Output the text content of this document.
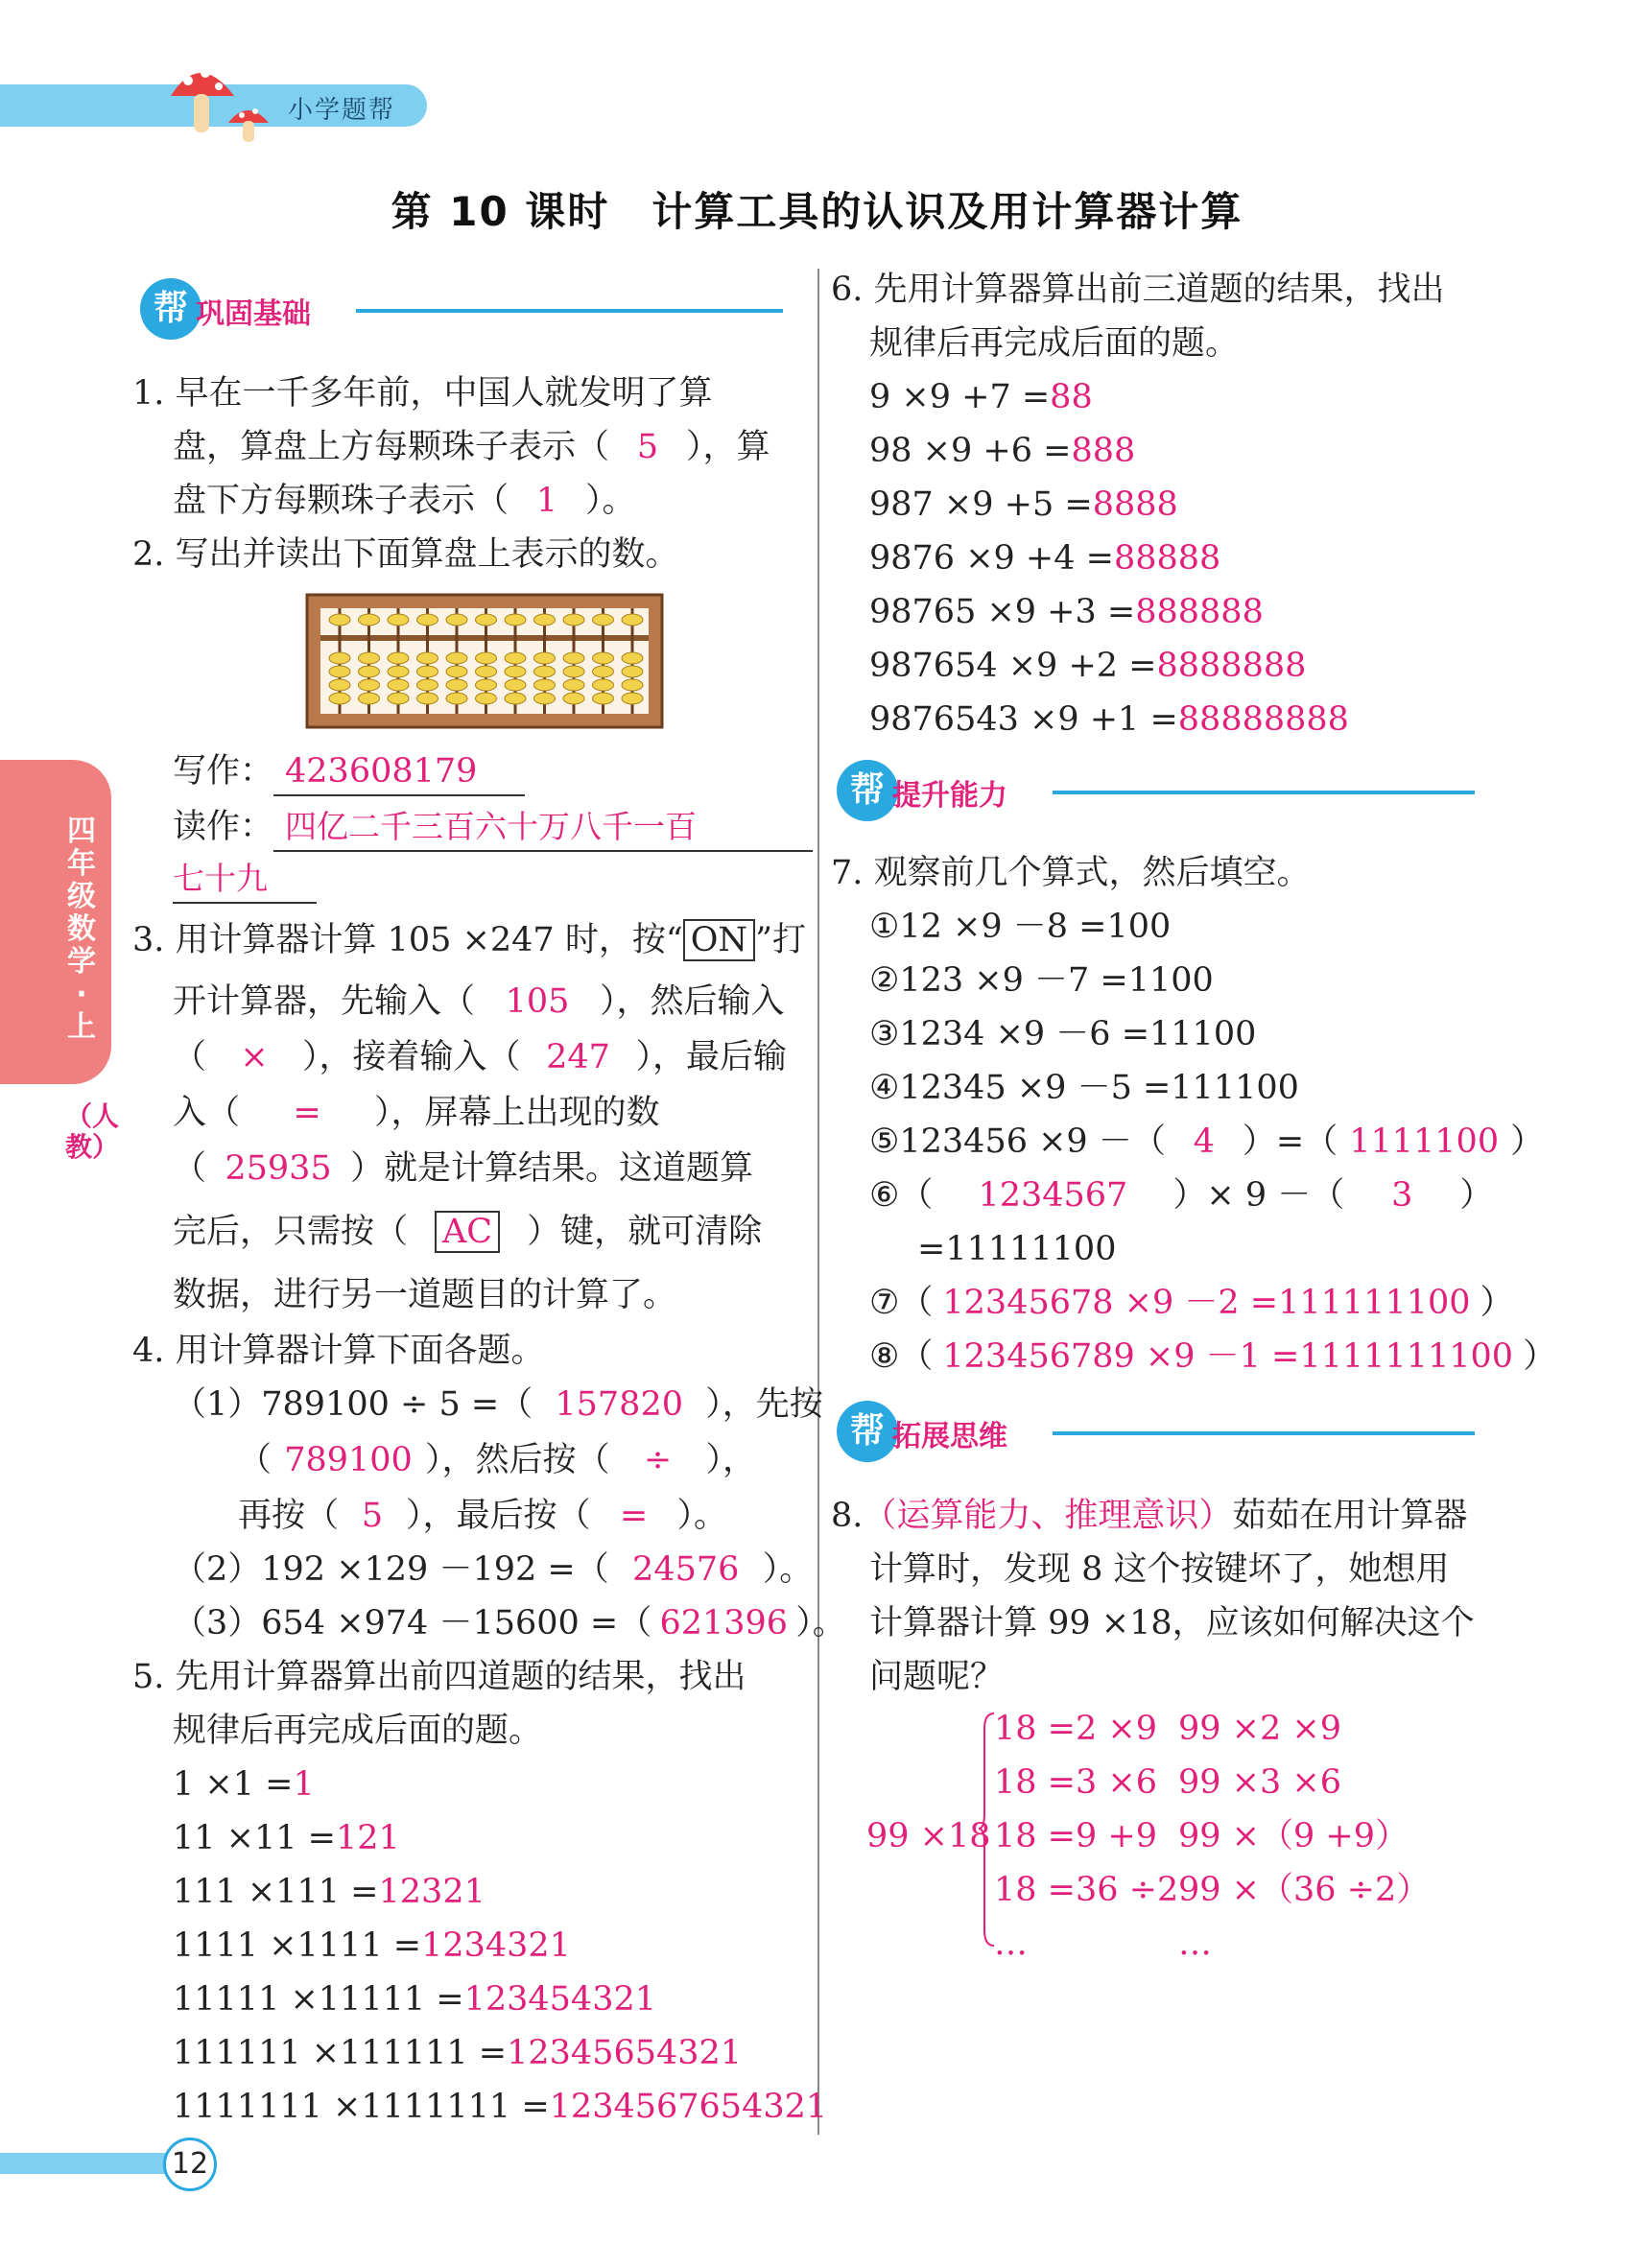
小学题帮
第 10 课时　计算工具的认识及用计算器计算
四年级数学·上
（人教）
帮 巩固基础
1. 早在一千多年前，中国人就发明了算
盘，算盘上方每颗珠子表示（ 5 ），算
盘下方每颗珠子表示（ 1 ）。
2. 写出并读出下面算盘上表示的数。
写作： 423608179
读作： 四亿二千三百六十万八千一百
七十九
3. 用计算器计算 105 ×247 时，按“ ON ”打
开计算器，先输入（ 105 ），然后输入
（ × ），接着输入（ 247 ），最后输
入（ = ），屏幕上出现的数
（ 25935 ）就是计算结果。这道题算
完后，只需按（ AC ）键，就可清除
数据，进行另一道题目的计算了。
4. 用计算器计算下面各题。
（1）789100 ÷ 5 =（ 157820 ），先按
（ 789100 ），然后按（ ÷ ），
再按（ 5 ），最后按（ = ）。
（2）192 ×129 －192 =（ 24576 ）。
（3）654 ×974 －15600 =（ 621396 ）。
5. 先用计算器算出前四道题的结果，找出
规律后再完成后面的题。
1 ×1 =1
11 ×11 =121
111 ×111 =12321
1111 ×1111 =1234321
11111 ×11111 =123454321
111111 ×111111 =12345654321
1111111 ×1111111 =1234567654321
6. 先用计算器算出前三道题的结果，找出
规律后再完成后面的题。
9 ×9 +7 =88
98 ×9 +6 =888
987 ×9 +5 =8888
9876 ×9 +4 =88888
98765 ×9 +3 =888888
987654 ×9 +2 =8888888
9876543 ×9 +1 =88888888
帮 提升能力
7. 观察前几个算式，然后填空。
①12 ×9 －8 =100
②123 ×9 －7 =1100
③1234 ×9 －6 =11100
④12345 ×9 －5 =111100
⑤123456 ×9 －（ 4 ）=（ 1111100 ）
⑥（ 1234567 ）× 9 －（ 3 ）
=11111100
⑦（ 12345678 ×9 －2 =111111100 ）
⑧（ 123456789 ×9 －1 =1111111100 ）
帮 拓展思维
8.（运算能力、推理意识）茹茹在用计算器
计算时，发现 8 这个按键坏了，她想用
计算器计算 99 ×18，应该如何解决这个
问题呢？
99 ×18
18 =2 ×9 99 ×2 ×9
18 =3 ×6 99 ×3 ×6
18 =9 +9 99 ×（9 +9）
18 =36 ÷2 99 ×（36 ÷2）
…	…
12
